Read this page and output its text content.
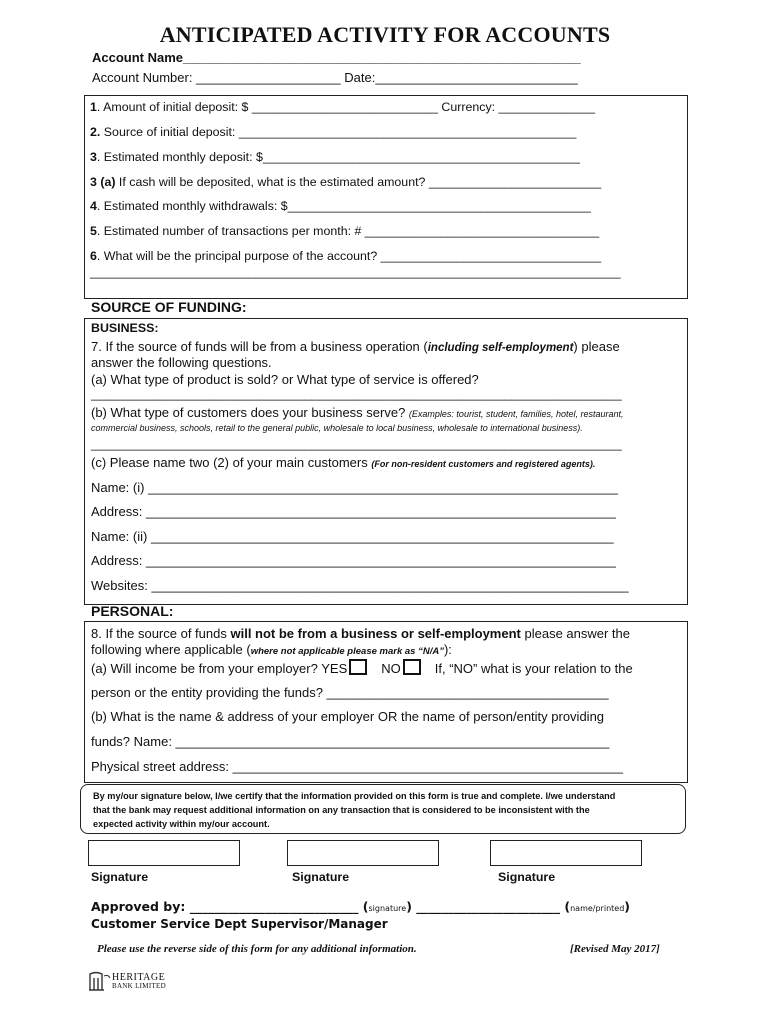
ANTICIPATED ACTIVITY FOR ACCOUNTS
Account Name_______________________________________________________
Account Number: ____________________ Date:____________________________
1. Amount of initial deposit: $ ___________________________ Currency: ______________
2. Source of initial deposit: _________________________________________________
3. Estimated monthly deposit: $______________________________________________
3 (a) If cash will be deposited, what is the estimated amount? _________________________
4. Estimated monthly withdrawals: $____________________________________________
5. Estimated number of transactions per month: # __________________________________
6. What will be the principal purpose of the account? ________________________________
_____________________________________________________________________________
SOURCE OF FUNDING:
BUSINESS:
7. If the source of funds will be from a business operation (including self-employment) please
answer the following questions.
(a) What type of product is sold? or What type of service is offered?
_____________________________________________________________________________
(b) What type of customers does your business serve? (Examples: tourist, student, families, hotel, restaurant,
commercial business, schools, retail to the general public, wholesale to local business, wholesale to international business).
_____________________________________________________________________________
(c) Please name two (2) of your main customers (For non-resident customers and registered agents).
Name: (i) _________________________________________________________________
Address: _________________________________________________________________
Name: (ii) ________________________________________________________________
Address: _________________________________________________________________
Websites: __________________________________________________________________
PERSONAL:
8. If the source of funds will not be from a business or self-employment please answer the
following where applicable (where not applicable please mark as “N/A”):
(a) Will income be from your employer? YES	NO	If, “NO” what is your relation to the
person or the entity providing the funds? _______________________________________
(b) What is the name & address of your employer OR the name of person/entity providing
funds? Name: ____________________________________________________________
Physical street address: ______________________________________________________
By my/our signature below, I/we certify that the information provided on this form is true and complete. I/we understand
that the bank may request additional information on any transaction that is considered to be inconsistent with the
expected activity within my/our account.
Signature	Signature	Signature
Approved by: ___________________________ (signature) _______________________ (name/printed)
Customer Service Dept Supervisor/Manager
Please use the reverse side of this form for any additional information.	[Revised May 2017]
HERITAGE
BANK LIMITED
